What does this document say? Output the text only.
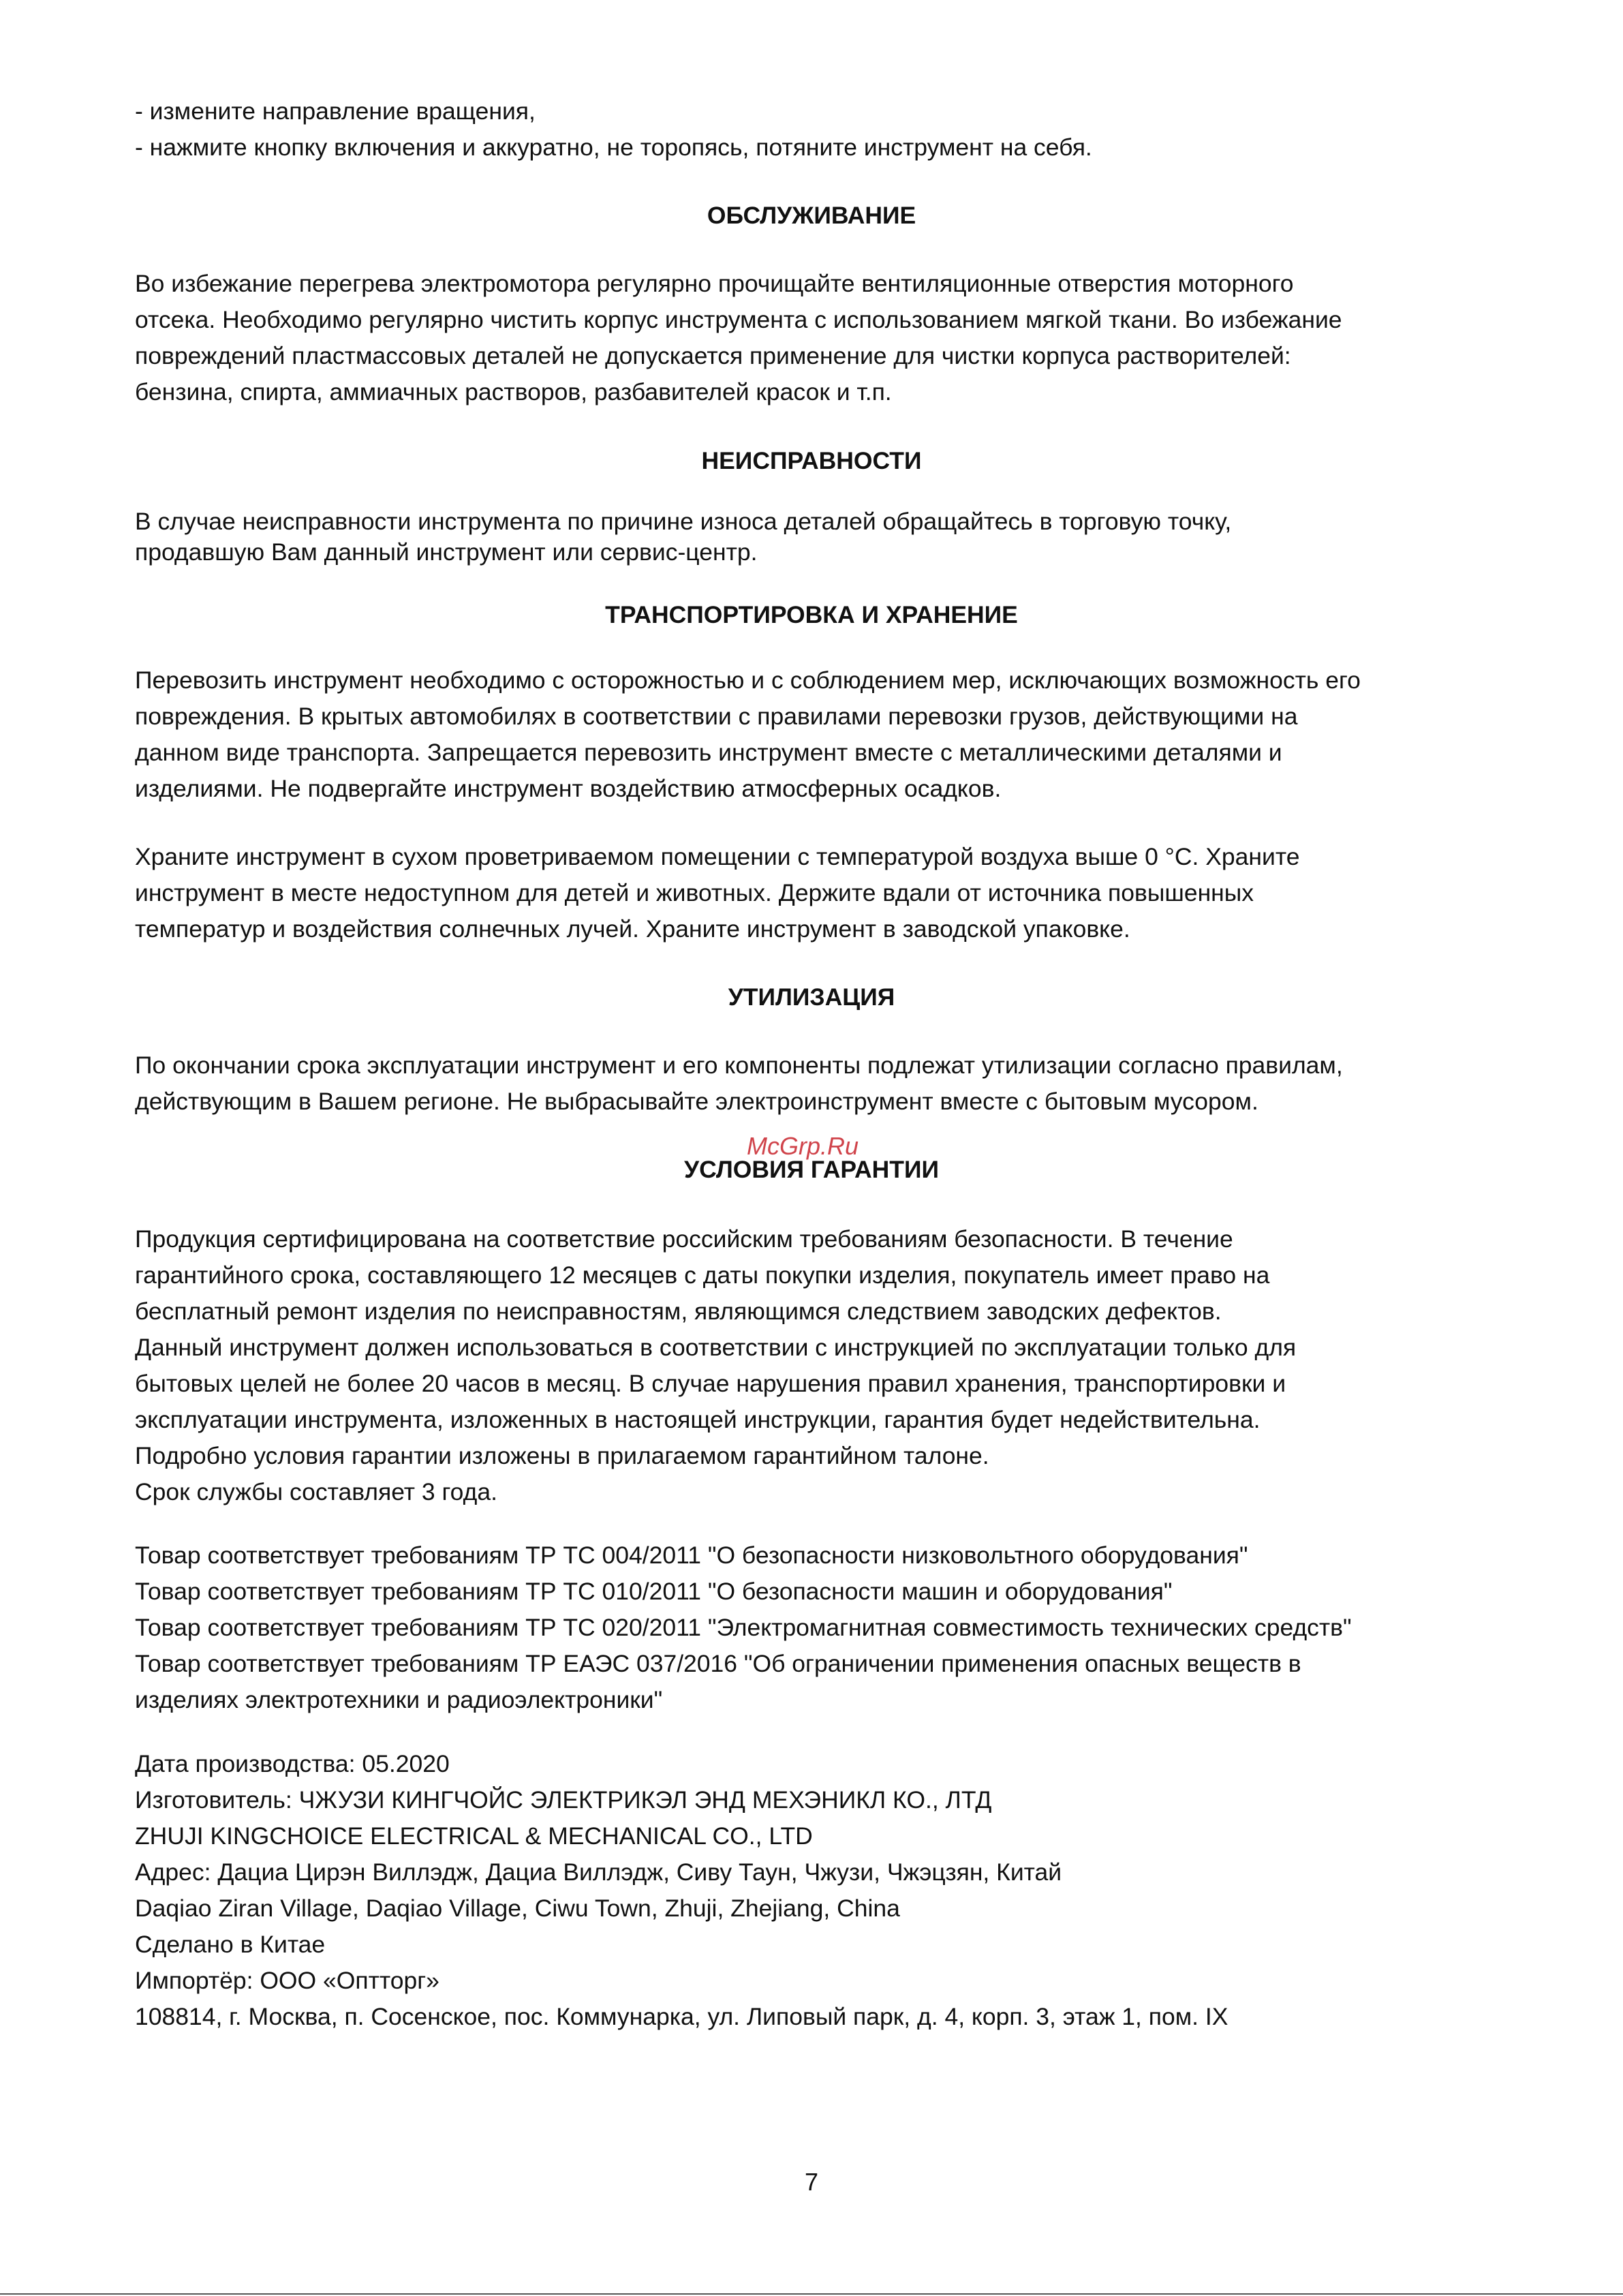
- измените направление вращения,

- нажмите кнопку включения и аккуратно, не торопясь, потяните инструмент на себя.

ОБСЛУЖИВАНИЕ

Во избежание перегрева электромотора регулярно прочищайте вентиляционные отверстия моторного

отсека. Необходимо регулярно чистить корпус инструмента с использованием мягкой ткани. Во избежание

повреждений пластмассовых деталей не допускается применение для чистки корпуса растворителей:

бензина, спирта, аммиачных растворов, разбавителей красок и т.п.

НЕИСПРАВНОСТИ

В случае неисправности инструмента по причине износа деталей обращайтесь в торговую точку,

продавшую Вам данный инструмент или сервис-центр.

ТРАНСПОРТИРОВКА И ХРАНЕНИЕ

Перевозить инструмент необходимо с осторожностью и с соблюдением мер, исключающих возможность его

повреждения. В крытых автомобилях в соответствии с правилами перевозки грузов, действующими на

данном виде транспорта. Запрещается перевозить инструмент вместе с металлическими деталями и

изделиями. Не подвергайте инструмент воздействию атмосферных осадков.

Храните инструмент в сухом проветриваемом помещении с температурой воздуха выше 0 °С. Храните

инструмент в месте недоступном для детей и животных. Держите вдали от источника повышенных

температур и воздействия солнечных лучей. Храните инструмент в заводской упаковке.

УТИЛИЗАЦИЯ

По окончании срока эксплуатации инструмент и его компоненты подлежат утилизации согласно правилам,

действующим в Вашем регионе. Не выбрасывайте электроинструмент вместе с бытовым мусором.

McGrp.Ru
УСЛОВИЯ ГАРАНТИИ

Продукция сертифицирована на соответствие российским требованиям безопасности. В течение

гарантийного срока, составляющего 12 месяцев с даты покупки изделия, покупатель имеет право на

бесплатный ремонт изделия по неисправностям, являющимся следствием заводских дефектов.

Данный инструмент должен использоваться в соответствии с инструкцией по эксплуатации только для

бытовых целей не более 20 часов в месяц. В случае нарушения правил хранения, транспортировки и

эксплуатации инструмента, изложенных в настоящей инструкции, гарантия будет недействительна.

Подробно условия гарантии изложены в прилагаемом гарантийном талоне.

Срок службы составляет 3 года.

Товар соответствует требованиям ТР ТС 004/2011 "О безопасности низковольтного оборудования"

Товар соответствует требованиям ТР ТС 010/2011 "О безопасности машин и оборудования"

Товар соответствует требованиям ТР ТС 020/2011 "Электромагнитная совместимость технических средств"

Товар соответствует требованиям ТР ЕАЭС 037/2016 "Об ограничении применения опасных веществ в

изделиях электротехники и радиоэлектроники"

Дата производства: 05.2020

Изготовитель: ЧЖУЗИ КИНГЧОЙС ЭЛЕКТРИКЭЛ ЭНД МЕХЭНИКЛ КО., ЛТД

ZHUJI KINGCHOICE ELECTRICAL & MECHANICAL CO., LTD

Адрес: Дациа Цирэн Виллэдж, Дациа Виллэдж, Сиву Таун, Чжузи, Чжэцзян, Китай

Daqiao Ziran Village, Daqiao Village, Ciwu Town, Zhuji, Zhejiang, China

Сделано в Китае

Импортёр: ООО «Оптторг»

108814, г. Москва, п. Сосенское, пос. Коммунарка, ул. Липовый парк, д. 4, корп. 3, этаж 1, пом. IX

7
